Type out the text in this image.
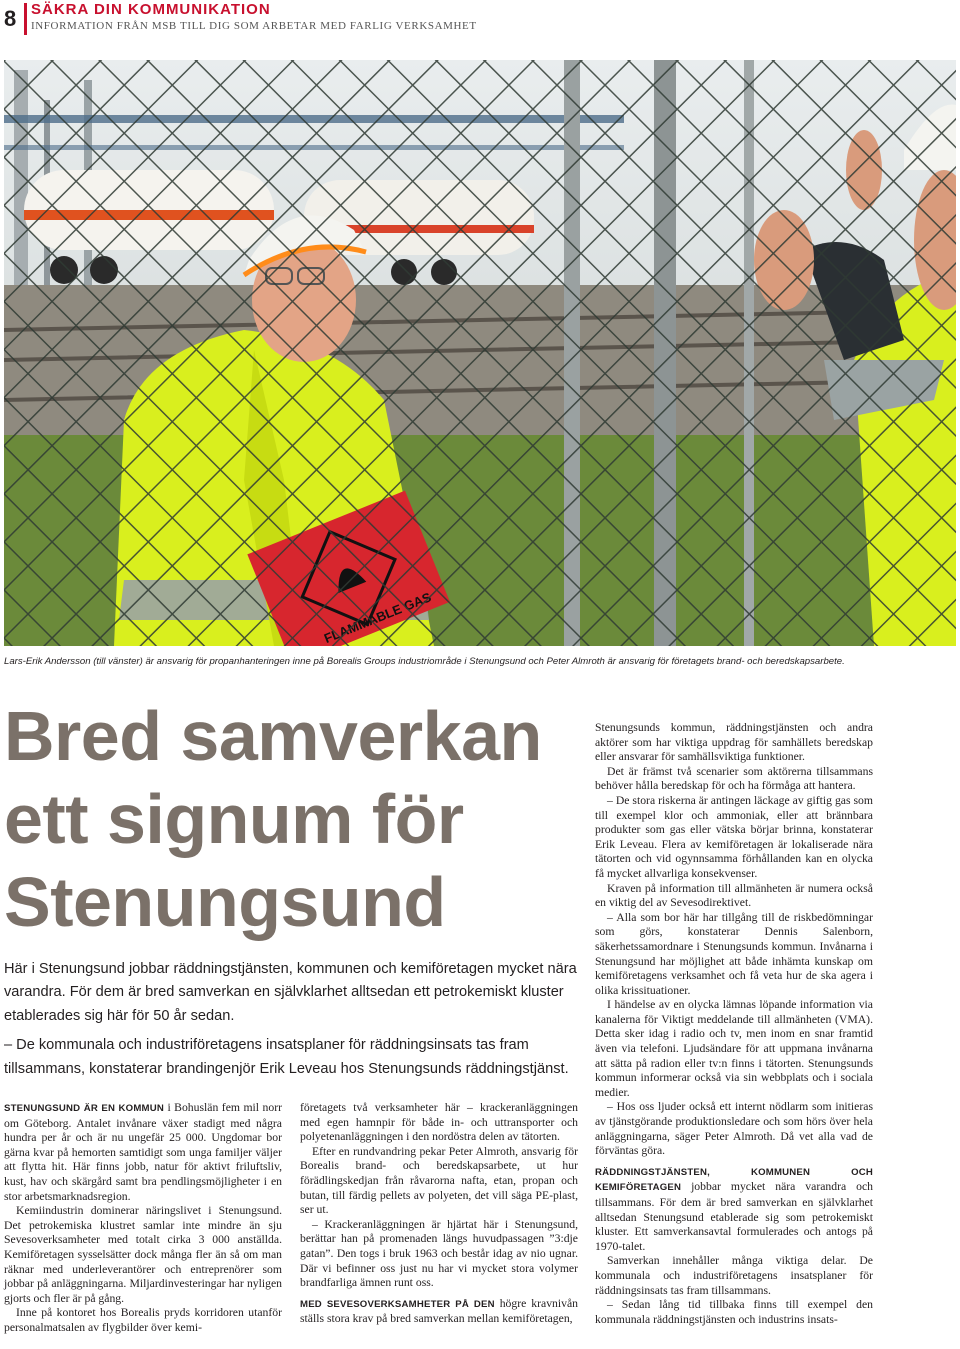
8 SÄKRA DIN KOMMUNIKATION
INFORMATION FRÅN MSB TILL DIG SOM ARBETAR MED FARLIG VERKSAMHET
Lars-Erik Andersson (till vänster) är ansvarig för propanhanteringen inne på Borealis Groups industriområde i Stenungsund och Peter Almroth är ansvarig för företagets brand- och beredskapsarbete.
Bred samverkan
ett signum för
Stenungsund

Här i Stenungsund jobbar räddningstjänsten, kommunen och kemiföretagen mycket nära varandra. För dem är bred samverkan en självklarhet alltsedan ett petrokemiskt kluster etablerades sig här för 50 år sedan.

– De kommunala och industriföretagens insatsplaner för räddningsinsats tas fram tillsammans, konstaterar brandingenjör Erik Leveau hos Stenungsunds räddningstjänst.

STENUNGSUND ÄR EN KOMMUN i Bohuslän fem mil norr om Göteborg. Antalet invånare växer stadigt med några hundra per år och är nu ungefär 25 000. Ungdomar bor gärna kvar på hemorten samtidigt som unga familjer väljer att flytta hit. Här finns jobb, natur för aktivt friluftsliv, kust, hav och skärgård samt bra pendlingsmöjligheter i en stor arbetsmarknadsregion.

Kemiindustrin dominerar näringslivet i Stenungsund. Det petrokemiska klustret samlar inte mindre än sju Sevesoverksamheter med totalt cirka 3 000 anställda. Kemiföretagen sysselsätter dock många fler än så om man räknar med underleverantörer och entreprenörer som jobbar på anläggningarna. Miljardinvesteringar har nyligen gjorts och fler är på gång.

Inne på kontoret hos Borealis pryds korridoren utanför personalmatsalen av flygbilder över kemi-

företagets två verksamheter här – krackeranläggningen med egen hamnpir för både in- och uttransporter och polyetenanläggningen i den nordöstra delen av tätorten.

Efter en rundvandring pekar Peter Almroth, ansvarig för Borealis brand- och beredskapsarbete, ut hur förädlingskedjan från råvarorna nafta, etan, propan och butan, till färdig pellets av polyeten, det vill säga PE-plast, ser ut.

– Krackeranläggningen är hjärtat här i Stenungsund, berättar han på promenaden längs huvudpassagen ”3:dje gatan”. Den togs i bruk 1963 och består idag av nio ugnar. Där vi befinner oss just nu har vi mycket stora volymer brandfarliga ämnen runt oss.

MED SEVESOVERKSAMHETER PÅ DEN högre kravnivån ställs stora krav på bred samverkan mellan kemiföretagen,

Stenungsunds kommun, räddningstjänsten och andra aktörer som har viktiga uppdrag för samhällets beredskap eller ansvarar för samhällsviktiga funktioner.

Det är främst två scenarier som aktörerna tillsammans behöver hålla beredskap för och ha förmåga att hantera.

– De stora riskerna är antingen läckage av giftig gas som till exempel klor och ammoniak, eller att brännbara produkter som gas eller vätska börjar brinna, konstaterar Erik Leveau. Flera av kemiföretagen är lokaliserade nära tätorten och vid ogynnsamma förhållanden kan en olycka få mycket allvarliga konsekvenser.

Kraven på information till allmänheten är numera också en viktig del av Sevesodirektivet.

– Alla som bor här har tillgång till de riskbedömningar som görs, konstaterar Dennis Salenborn, säkerhetssamordnare i Stenungsunds kommun. Invånarna i Stenungsund har möjlighet att både inhämta kunskap om kemiföretagens verksamhet och få veta hur de ska agera i olika krissituationer.

I händelse av en olycka lämnas löpande information via kanalerna för Viktigt meddelande till allmänheten (VMA). Detta sker idag i radio och tv, men inom en snar framtid även via telefoni. Ljudsändare för att uppmana invånarna att sätta på radion eller tv:n finns i tätorten. Stenungsunds kommun informerar också via sin webbplats och i sociala medier.

– Hos oss ljuder också ett internt nödlarm som initieras av tjänstgörande produktionsledare och som hörs över hela anläggningarna, säger Peter Almroth. Då vet alla vad de förväntas göra.

RÄDDNINGSTJÄNSTEN, KOMMUNEN OCH KEMIFÖRETAGEN jobbar mycket nära varandra och tillsammans. För dem är bred samverkan en självklarhet alltsedan Stenungsund etablerade sig som petrokemiskt kluster. Ett samverkansavtal formulerades och antogs på 1970-talet.

Samverkan innehåller många viktiga delar. De kommunala och industriföretagens insatsplaner för räddningsinsats tas fram tillsammans.

– Sedan lång tid tillbaka finns till exempel den kommunala räddningstjänsten och industrins insats-
